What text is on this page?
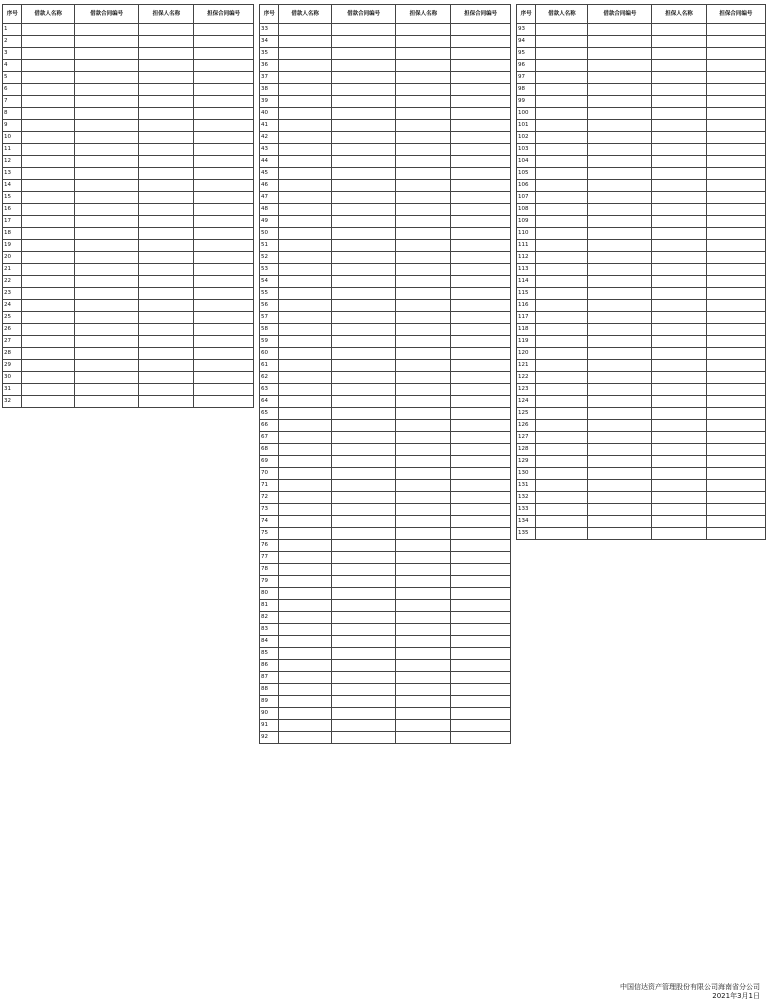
序号	借款人名称	借款合同编号	担保人名称	担保合同编号
1				
2				
3				
4				
5				
6				
7				
8				
9				
10				
11				
12				
13				
14				
15				
16				
17				
18				
19				
20				
21				
22				
23				
24				
25				
26				
27				
28				
29				
30				
31				
32				
序号	借款人名称	借款合同编号	担保人名称	担保合同编号
33				
34				
35				
36				
37				
38				
39				
40				
41				
42				
43				
44				
45				
46				
47				
48				
49				
50				
51				
52				
53				
54				
55				
56				
57				
58				
59				
60				
61				
62				
63				
64				
65				
66				
67				
68				
69				
70				
71				
72				
73				
74				
75				
76				
77				
78				
79				
80				
81				
82				
83				
84				
85				
86				
87				
88				
89				
90				
91				
92				
序号	借款人名称	借款合同编号	担保人名称	担保合同编号
93				
94				
95				
96				
97				
98				
99				
100				
101				
102				
103				
104				
105				
106				
107				
108				
109				
110				
111				
112				
113				
114				
115				
116				
117				
118				
119				
120				
121				
122				
123				
124				
125				
126				
127				
128				
129				
130				
131				
132				
133				
134				
135				
中国信达资产管理股份有限公司海南省分公司
2021年3月1日
